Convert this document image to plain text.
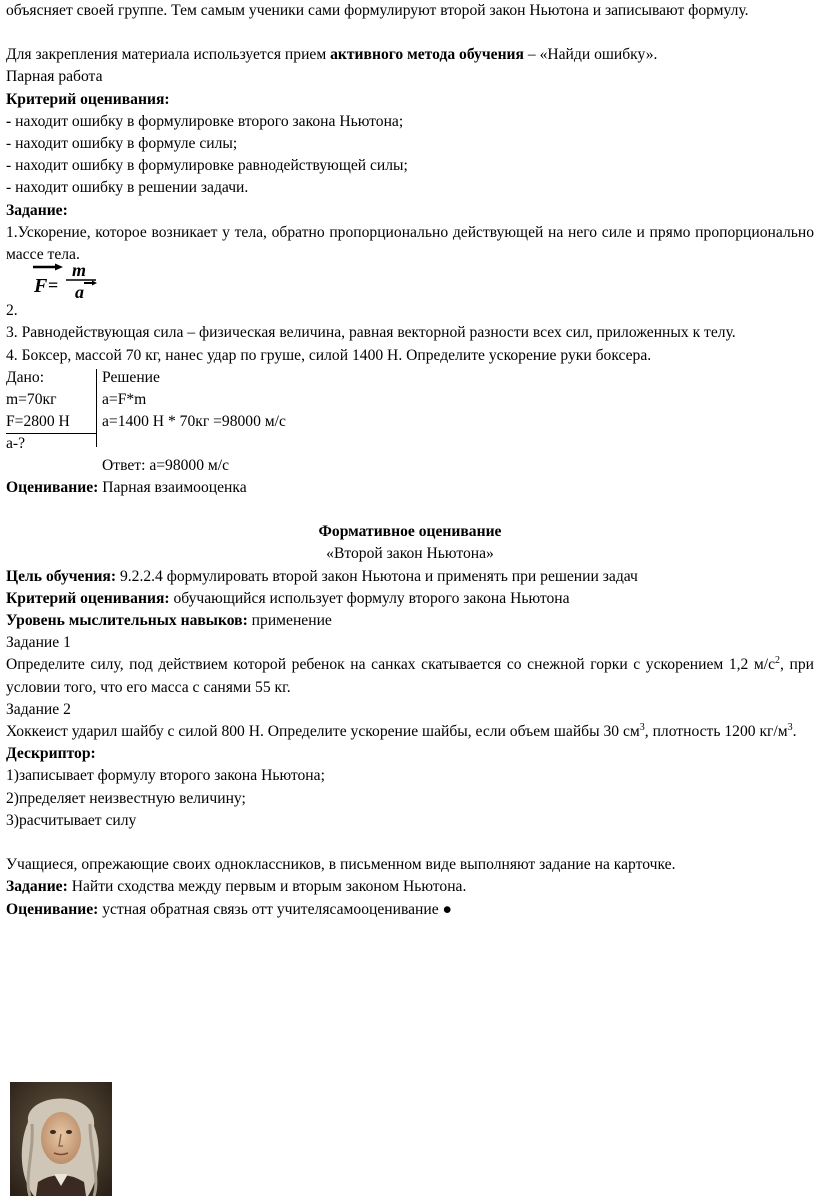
объясняет своей группе. Тем самым ученики сами формулируют второй закон Ньютона и записывают формулу.

Для закрепления материала используется прием активного метода обучения – «Найди ошибку».

Парная работа

Критерий оценивания:

- находит ошибку в формулировке второго закона Ньютона;

- находит ошибку в формуле силы;

- находит ошибку в формулировке равнодействующей силы;

- находит ошибку в решении задачи.

Задание:

1.Ускорение, которое возникает у тела, обратно пропорционально действующей на него силе и прямо пропорционально массе тела.

F =
m
a

2.

3. Равнодействующая сила – физическая величина, равная векторной разности всех сил, приложенных к телу.

4. Боксер, массой 70 кг, нанес удар по груше, силой 1400 Н. Определите ускорение руки боксера.

Дано:

m=70кг

F=2800 Н

a-?

Решение

a=F*m

a=1400 Н * 70кг =98000 м/с

Ответ: a=98000 м/с

Оценивание: Парная взаимооценка

Формативное оценивание

«Второй закон Ньютона»

Цель обучения: 9.2.2.4 формулировать второй закон Ньютона и применять при решении задач

Критерий оценивания: обучающийся использует формулу второго закона Ньютона

Уровень мыслительных навыков: применение

Задание 1

Определите силу, под действием которой ребенок на санках скатывается со снежной горки с ускорением 1,2 $м/с^2$, при условии того, что его масса с санями 55 кг.

Задание 2

Хоккеист ударил шайбу с силой 800 Н. Определите ускорение шайбы, если объем шайбы 30 $см^3$, плотность 1200 $кг/м^3$.

Дескриптор:

1)записывает формулу второго закона Ньютона;

2)пределяет неизвестную величину;

3)расчитывает силу

Учащиеся, опрежающие своих одноклассников, в письменном виде выполняют задание на карточке.

Задание: Найти сходства между первым и вторым законом Ньютона.

Оценивание: устная обратная связь отт учителясамооценивание ●
